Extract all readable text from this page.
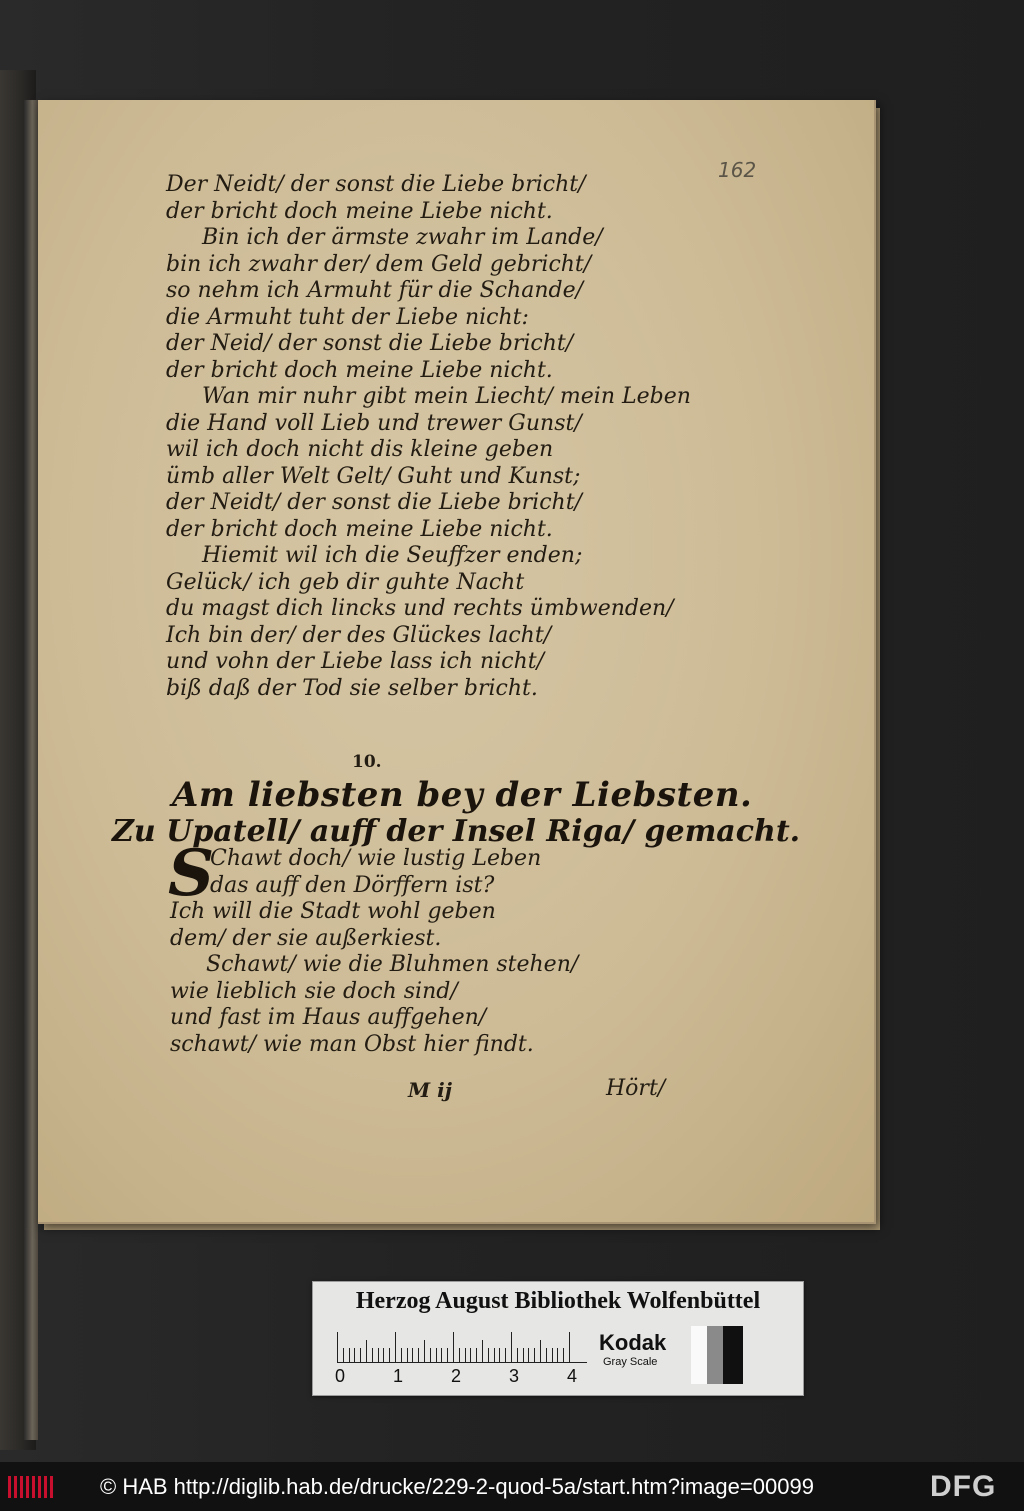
162
Der Neidt/ der sonst die Liebe bricht/
der bricht doch meine Liebe nicht.
Bin ich der ärmste zwahr im Lande/
bin ich zwahr der/ dem Geld gebricht/
so nehm ich Armuht für die Schande/
die Armuht tuht der Liebe nicht:
der Neid/ der sonst die Liebe bricht/
der bricht doch meine Liebe nicht.
Wan mir nuhr gibt mein Liecht/ mein Leben
die Hand voll Lieb und trewer Gunst/
wil ich doch nicht dis kleine geben
ümb aller Welt Gelt/ Guht und Kunst;
der Neidt/ der sonst die Liebe bricht/
der bricht doch meine Liebe nicht.
Hiemit wil ich die Seuffzer enden;
Gelück/ ich geb dir guhte Nacht
du magst dich lincks und rechts ümbwenden/
Ich bin der/ der des Glückes lacht/
und vohn der Liebe lass ich nicht/
biß daß der Tod sie selber bricht.
10.
Am liebsten bey der Liebsten.
Zu Upatell/ auff der Insel Riga/ gemacht.
S
Chawt doch/ wie lustig Leben
das auff den Dörffern ist?
Ich will die Stadt wohl geben
dem/ der sie außerkiest.
Schawt/ wie die Bluhmen stehen/
wie lieblich sie doch sind/
und fast im Haus auffgehen/
schawt/ wie man Obst hier findt.
M ij	Hört/
Herzog August Bibliothek Wolfenbüttel
0	1	2	3	4
Kodak
Gray Scale
© HAB http://diglib.hab.de/drucke/229-2-quod-5a/start.htm?image=00099	DFG
